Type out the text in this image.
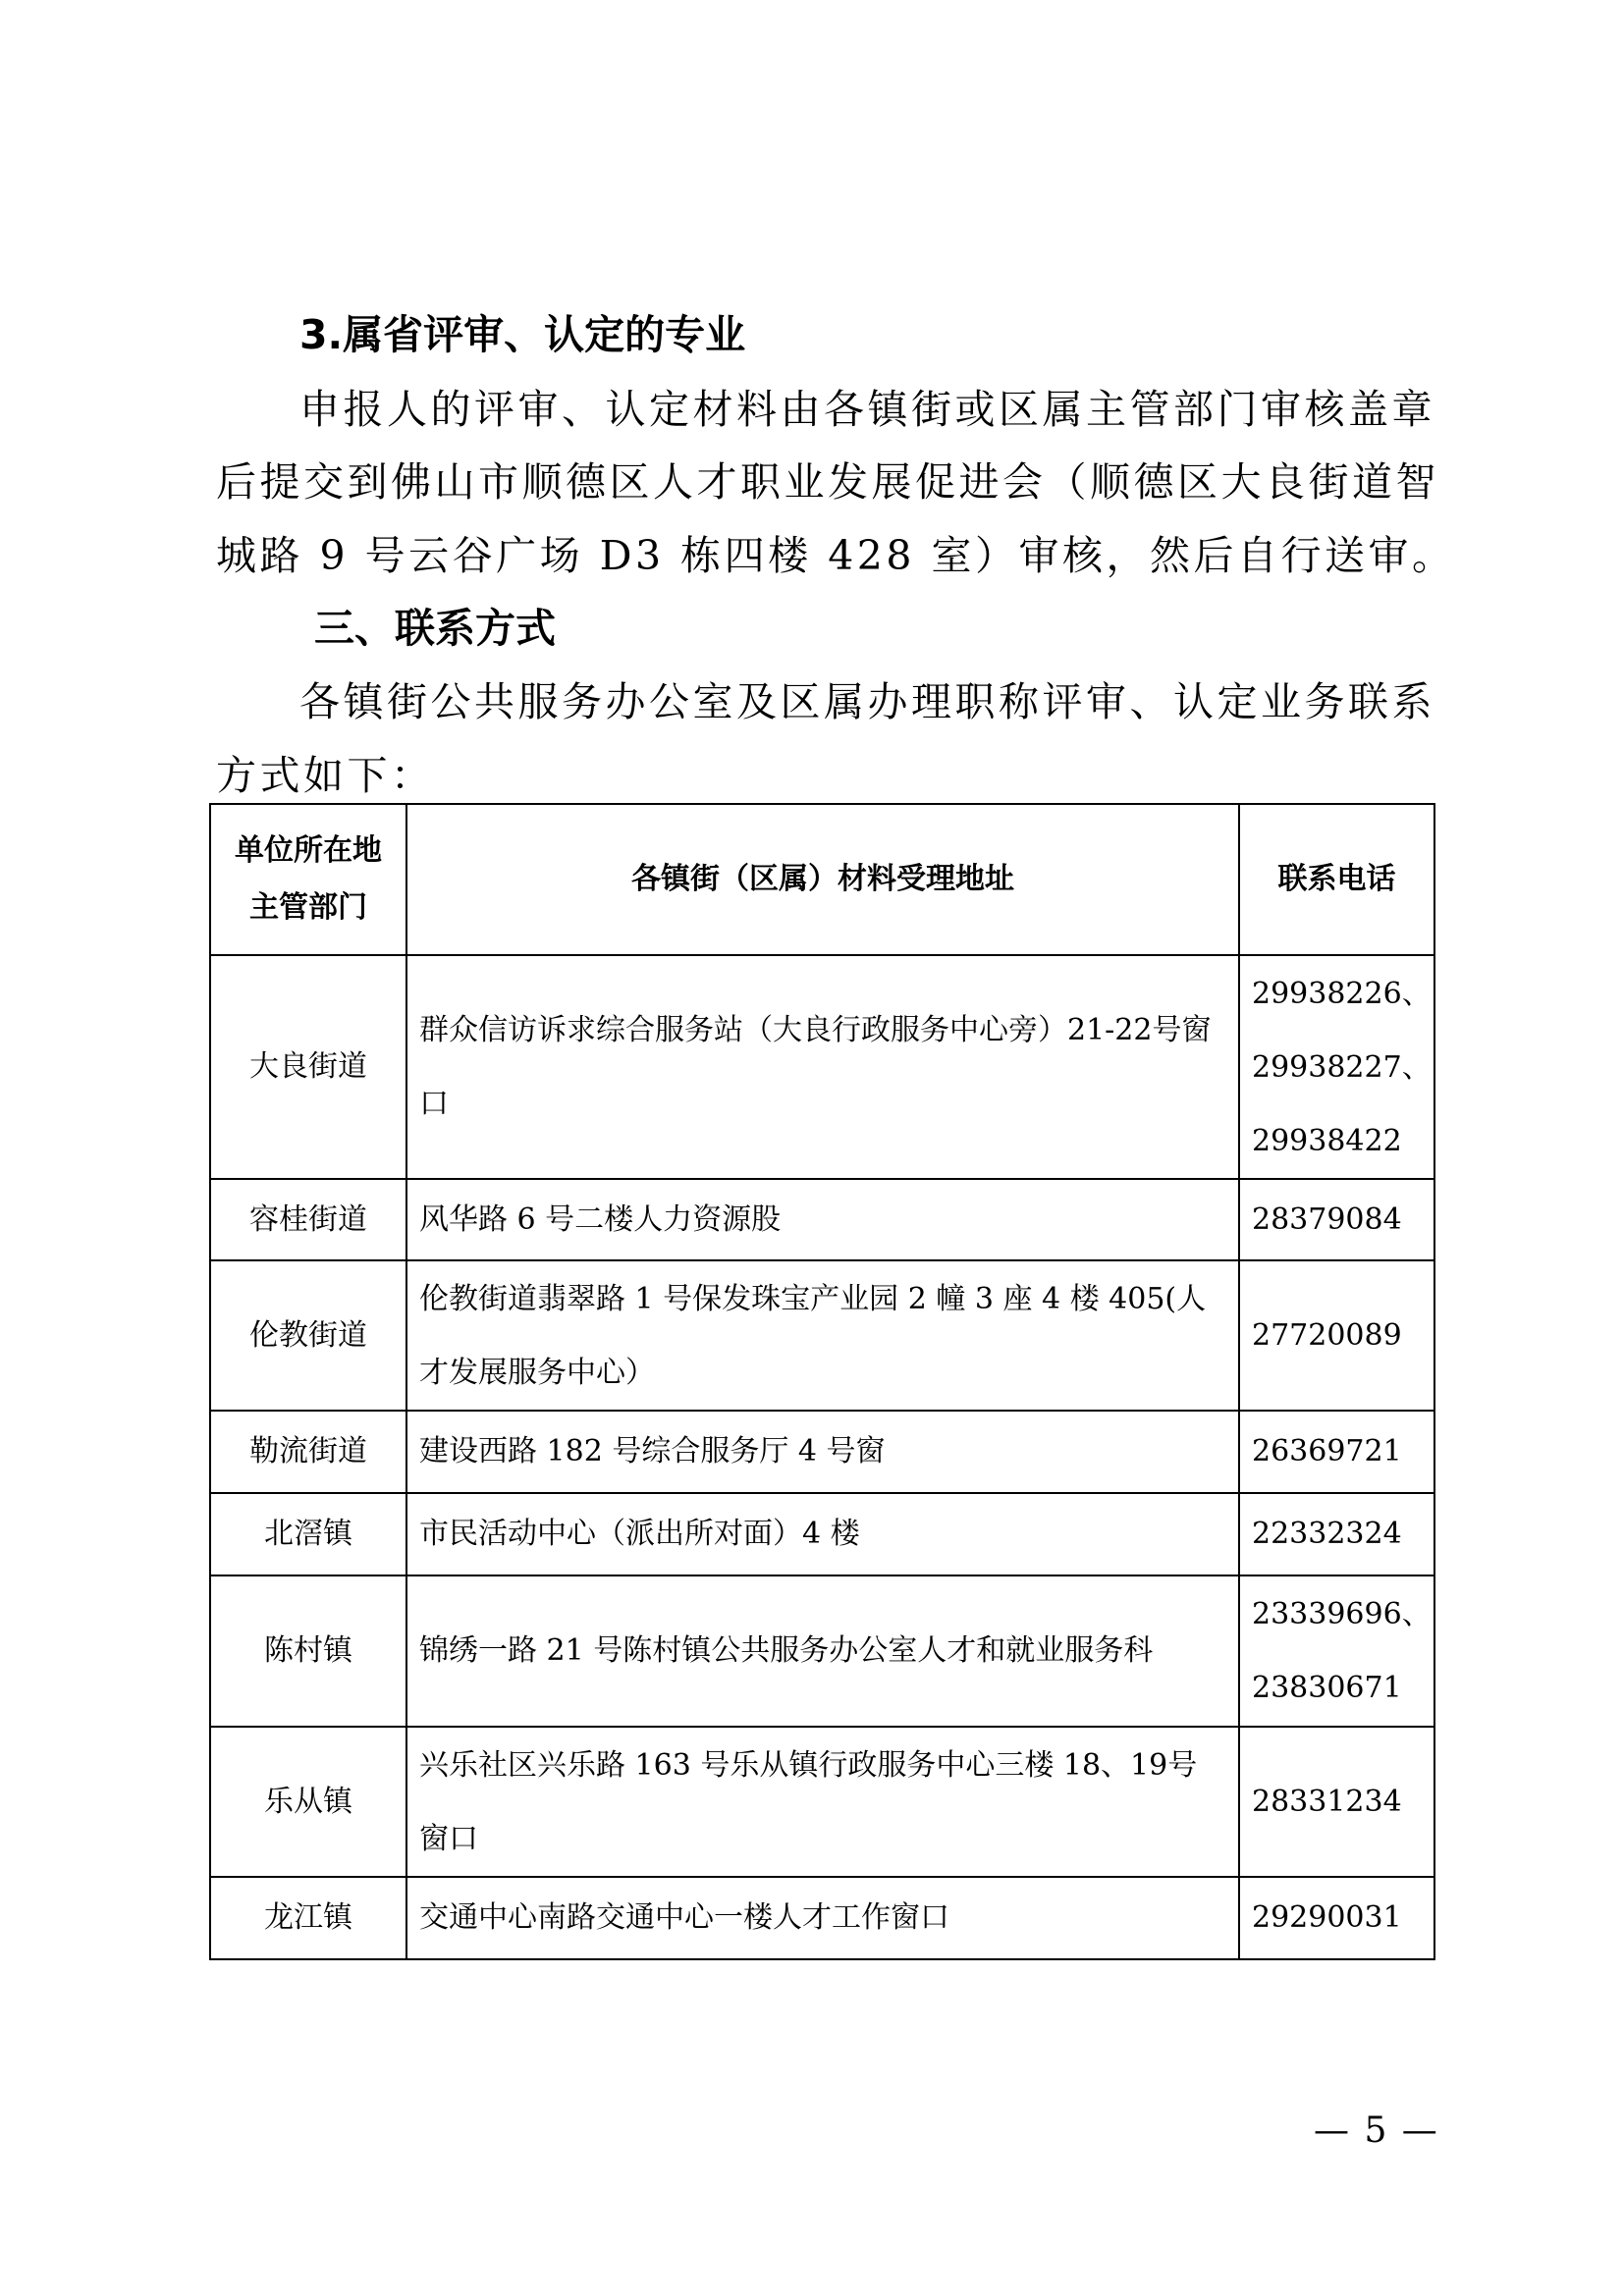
3.属省评审、认定的专业
申报人的评审、认定材料由各镇街或区属主管部门审核盖章
后提交到佛山市顺德区人才职业发展促进会（顺德区大良街道智
城路 9 号云谷广场 D3 栋四楼 428 室）审核，然后自行送审。
三、联系方式
各镇街公共服务办公室及区属办理职称评审、认定业务联系
方式如下：
单位所在地
主管部门	各镇街（区属）材料受理地址	联系电话
大良街道	群众信访诉求综合服务站（大良行政服务中心旁）21-22号窗口	29938226、
29938227、
29938422

容桂街道	风华路 6 号二楼人力资源股	28379084

伦教街道	伦教街道翡翠路 1 号保发珠宝产业园 2 幢 3 座 4 楼 405(人才发展服务中心）	27720089

勒流街道	建设西路 182 号综合服务厅 4 号窗	26369721

北滘镇	市民活动中心（派出所对面）4 楼	22332324

陈村镇	锦绣一路 21 号陈村镇公共服务办公室人才和就业服务科	23339696、
23830671

乐从镇	兴乐社区兴乐路 163 号乐从镇行政服务中心三楼 18、19号窗口	28331234

龙江镇	交通中心南路交通中心一楼人才工作窗口	29290031
— 5 —
